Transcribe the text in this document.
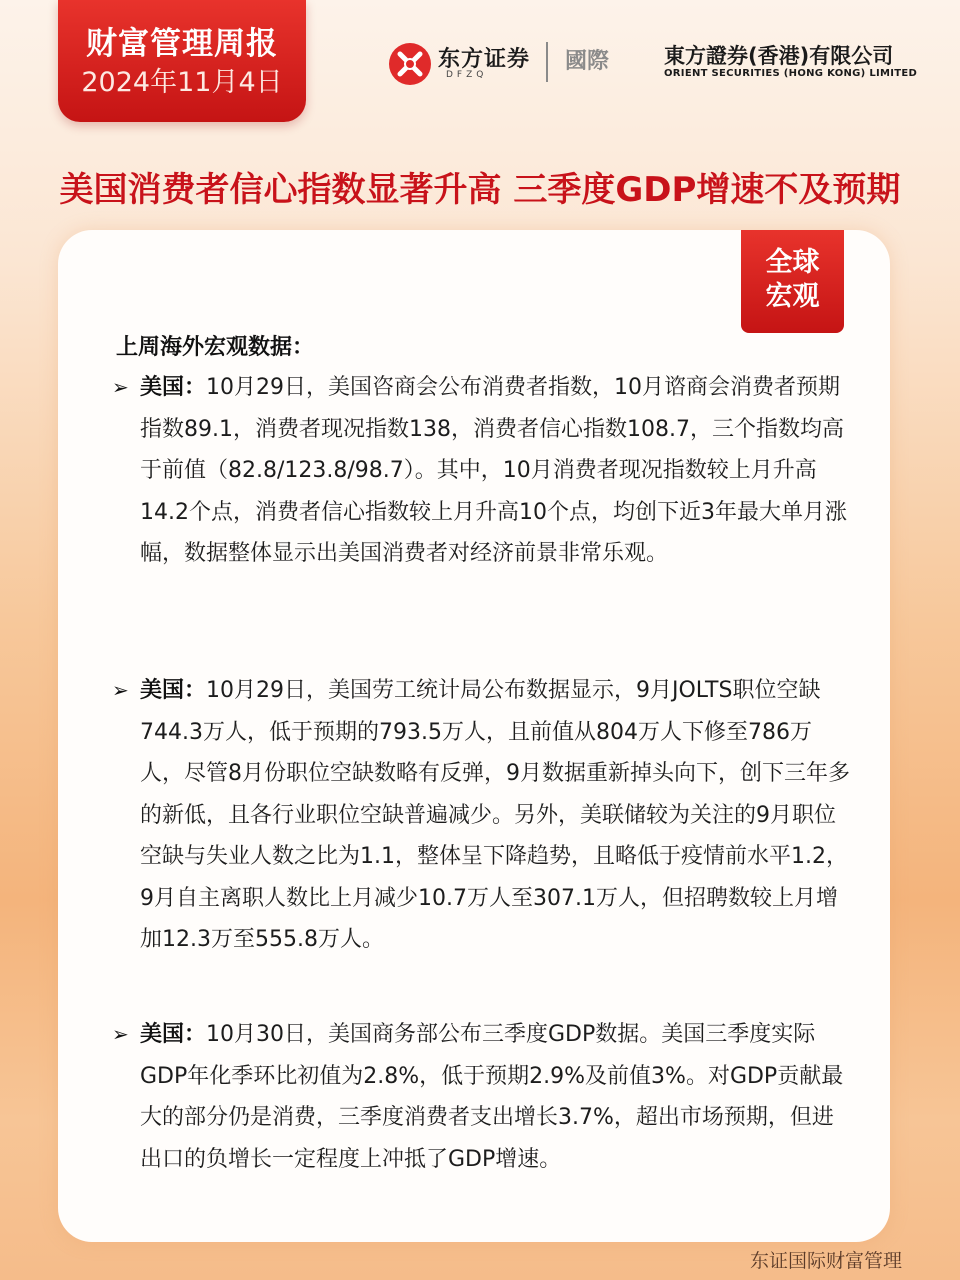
财富管理周报
2024年11月4日
东方证券
DFZQ
國際	東方證券(香港)有限公司
ORIENT SECURITIES (HONG KONG) LIMITED
美国消费者信心指数显著升高 三季度GDP增速不及预期
全球
宏观
上周海外宏观数据：
➢ 美国：10月29日，美国咨商会公布消费者指数，10月谘商会消费者预期指数89.1，消费者现况指数138，消费者信心指数108.7，三个指数均高于前值（82.8/123.8/98.7）。其中，10月消费者现况指数较上月升高14.2个点，消费者信心指数较上月升高10个点，均创下近3年最大单月涨幅，数据整体显示出美国消费者对经济前景非常乐观。
➢ 美国：10月29日，美国劳工统计局公布数据显示，9月JOLTS职位空缺744.3万人，低于预期的793.5万人，且前值从804万人下修至786万人，尽管8月份职位空缺数略有反弹，9月数据重新掉头向下，创下三年多的新低，且各行业职位空缺普遍减少。另外，美联储较为关注的9月职位空缺与失业人数之比为1.1，整体呈下降趋势，且略低于疫情前水平1.2，9月自主离职人数比上月减少10.7万人至307.1万人，但招聘数较上月增加12.3万至555.8万人。
➢ 美国：10月30日，美国商务部公布三季度GDP数据。美国三季度实际GDP年化季环比初值为2.8%，低于预期2.9%及前值3%。对GDP贡献最大的部分仍是消费，三季度消费者支出增长3.7%，超出市场预期，但进出口的负增长一定程度上冲抵了GDP增速。
东证国际财富管理
